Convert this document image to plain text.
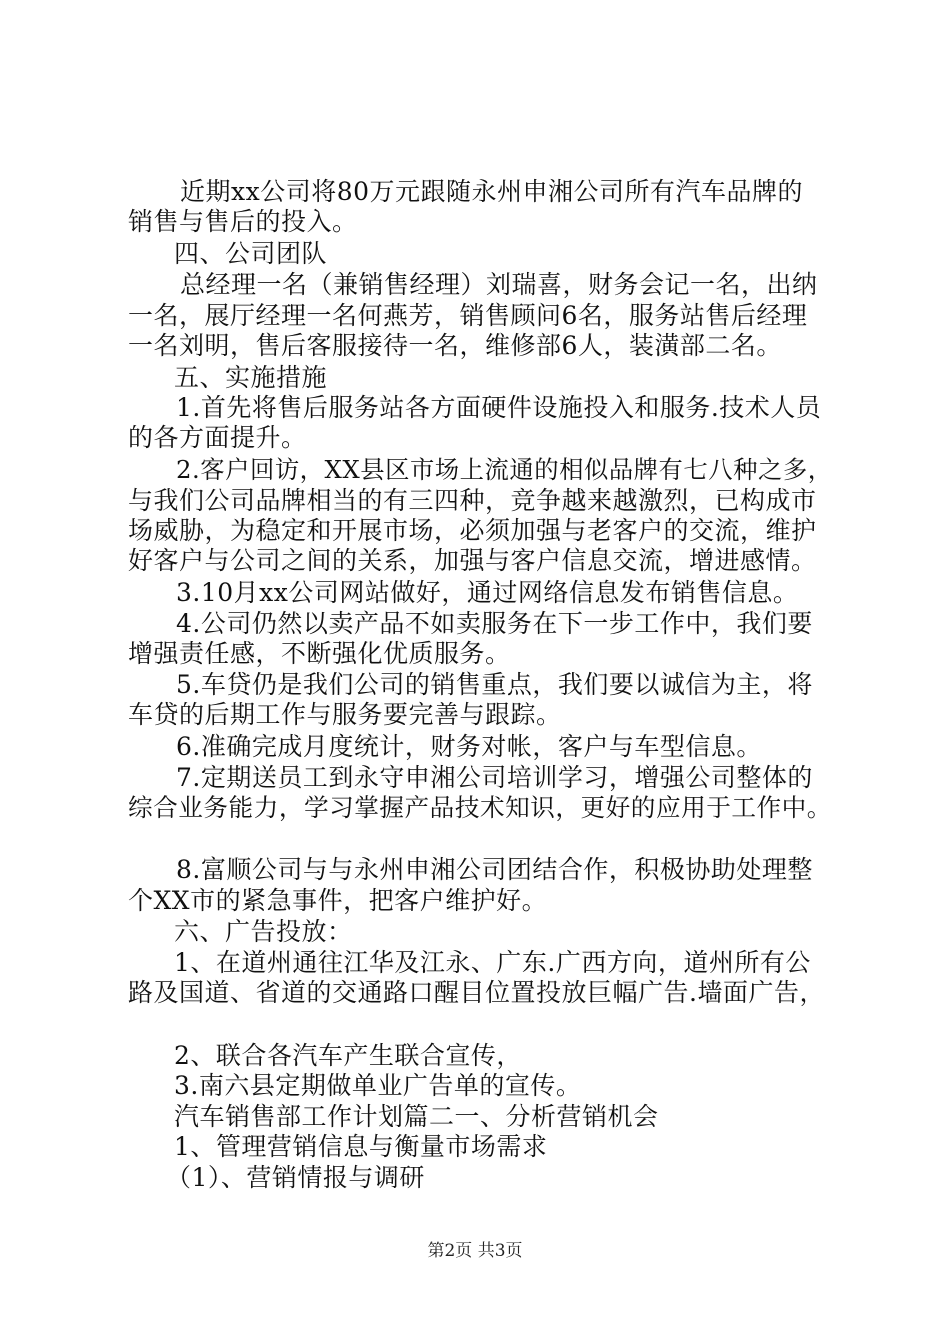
近期xx公司将80万元跟随永州申湘公司所有汽车品牌的
销售与售后的投入。
四、公司团队
总经理一名（兼销售经理）刘瑞喜，财务会记一名，出纳
一名，展厅经理一名何燕芳，销售顾问6名，服务站售后经理
一名刘明，售后客服接待一名，维修部6人，装潢部二名。
五、实施措施
1.首先将售后服务站各方面硬件设施投入和服务.技术人员
的各方面提升。
2.客户回访，XX县区市场上流通的相似品牌有七八种之多，
与我们公司品牌相当的有三四种，竞争越来越激烈，已构成市
场威胁，为稳定和开展市场，必须加强与老客户的交流，维护
好客户与公司之间的关系，加强与客户信息交流，增进感情。
3.10月xx公司网站做好，通过网络信息发布销售信息。
4.公司仍然以卖产品不如卖服务在下一步工作中，我们要
增强责任感，不断强化优质服务。
5.车贷仍是我们公司的销售重点，我们要以诚信为主，将
车贷的后期工作与服务要完善与跟踪。
6.准确完成月度统计，财务对帐，客户与车型信息。
7.定期送员工到永守申湘公司培训学习，增强公司整体的
综合业务能力，学习掌握产品技术知识，更好的应用于工作中。
8.富顺公司与与永州申湘公司团结合作，积极协助处理整
个XX市的紧急事件，把客户维护好。
六、广告投放：
1、在道州通往江华及江永、广东.广西方向，道州所有公
路及国道、省道的交通路口醒目位置投放巨幅广告.墙面广告，
2、联合各汽车产生联合宣传，
3.南六县定期做单业广告单的宣传。
汽车销售部工作计划篇二一、分析营销机会
1、管理营销信息与衡量市场需求
（1）、营销情报与调研
第2页 共3页
